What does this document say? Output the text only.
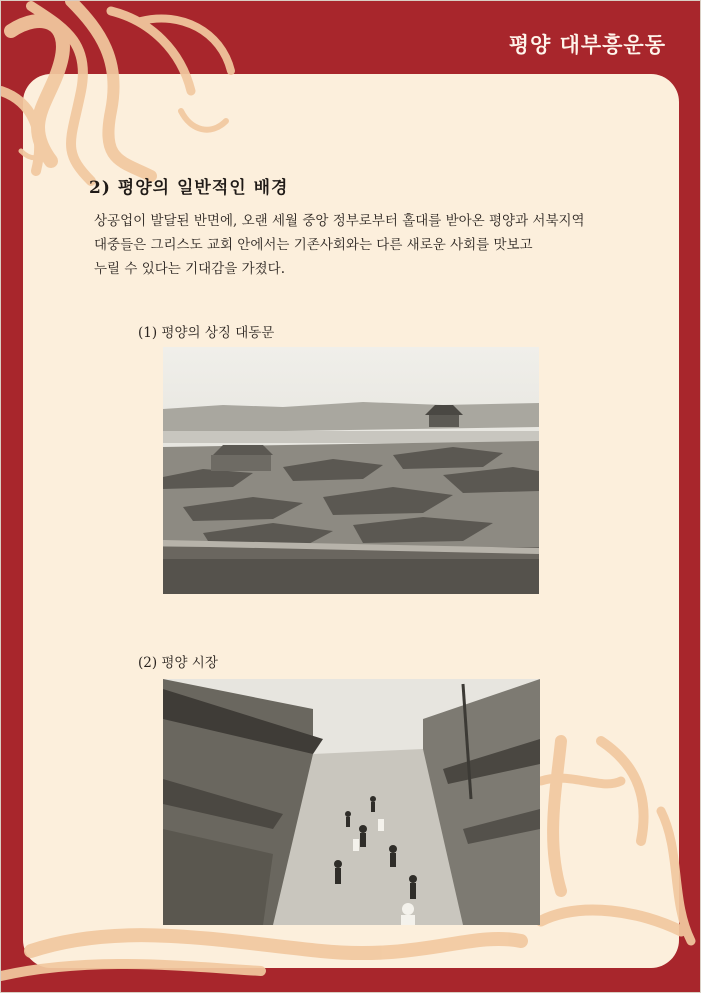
평양 대부흥운동
2) 평양의 일반적인 배경
상공업이 발달된 반면에, 오랜 세월 중앙 정부로부터 홀대를 받아온 평양과 서북지역
대중들은 그리스도 교회 안에서는 기존사회와는 다른 새로운 사회를 맛보고
누릴 수 있다는 기대감을 가졌다.
(1) 평양의 상징 대동문
(2) 평양 시장
